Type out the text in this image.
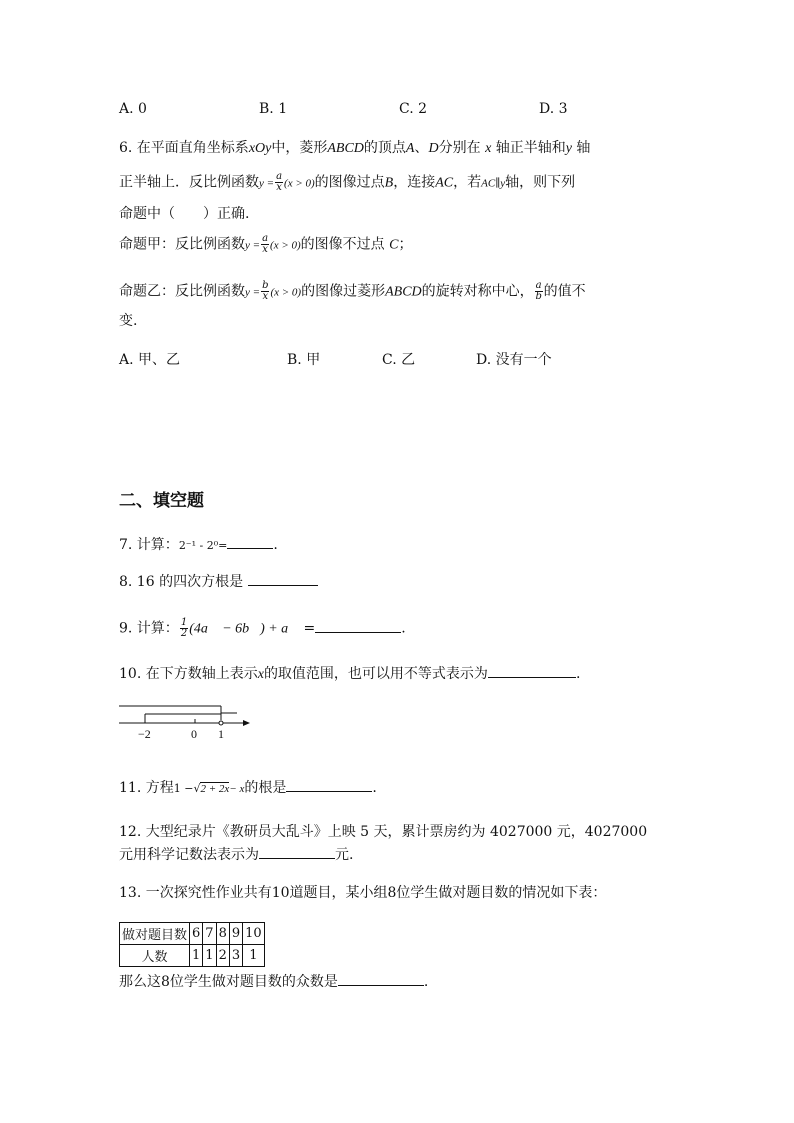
A. 0	B. 1	C. 2	D. 3
6. 在平面直角坐标系xOy中，菱形ABCD的顶点A、D分别在 x 轴正半轴和y 轴
正半轴上．反比例函数$y = \frac{a}{x} (x > 0)$的图像过点B，连接AC，若AC∥y轴，则下列
命题中（　　）正确.
命题甲：反比例函数$y = \frac{a}{x} (x > 0)$的图像不过点 C；
命题乙：反比例函数$y = \frac{b}{x} (x > 0)$的图像过菱形ABCD的旋转对称中心， $\frac{a}{b}$ 的值不
变.
A. 甲、乙	B. 甲	C. 乙	D. 没有一个
二、填空题
7. 计算：2⁻¹ - 2⁰=	.
8. 16 的四次方根是
9. 计算： $\frac{1}{2}$ (4a⃗ − 6b⃗) + a⃗ =	.
10. 在下方数轴上表示x的取值范围，也可以用不等式表示为	.
−2	0 1
11. 方程1 −√2 + 2x− x的根是	.
12. 大型纪录片《教研员大乱斗》上映 5 天，累计票房约为 4027000 元，4027000
元用科学记数法表示为	元.
13. 一次探究性作业共有10道题目，某小组8位学生做对题目数的情况如下表：
做对题目数	6	7	8	9	10
人数	1	1	2	3	1
那么这8位学生做对题目数的众数是	.
